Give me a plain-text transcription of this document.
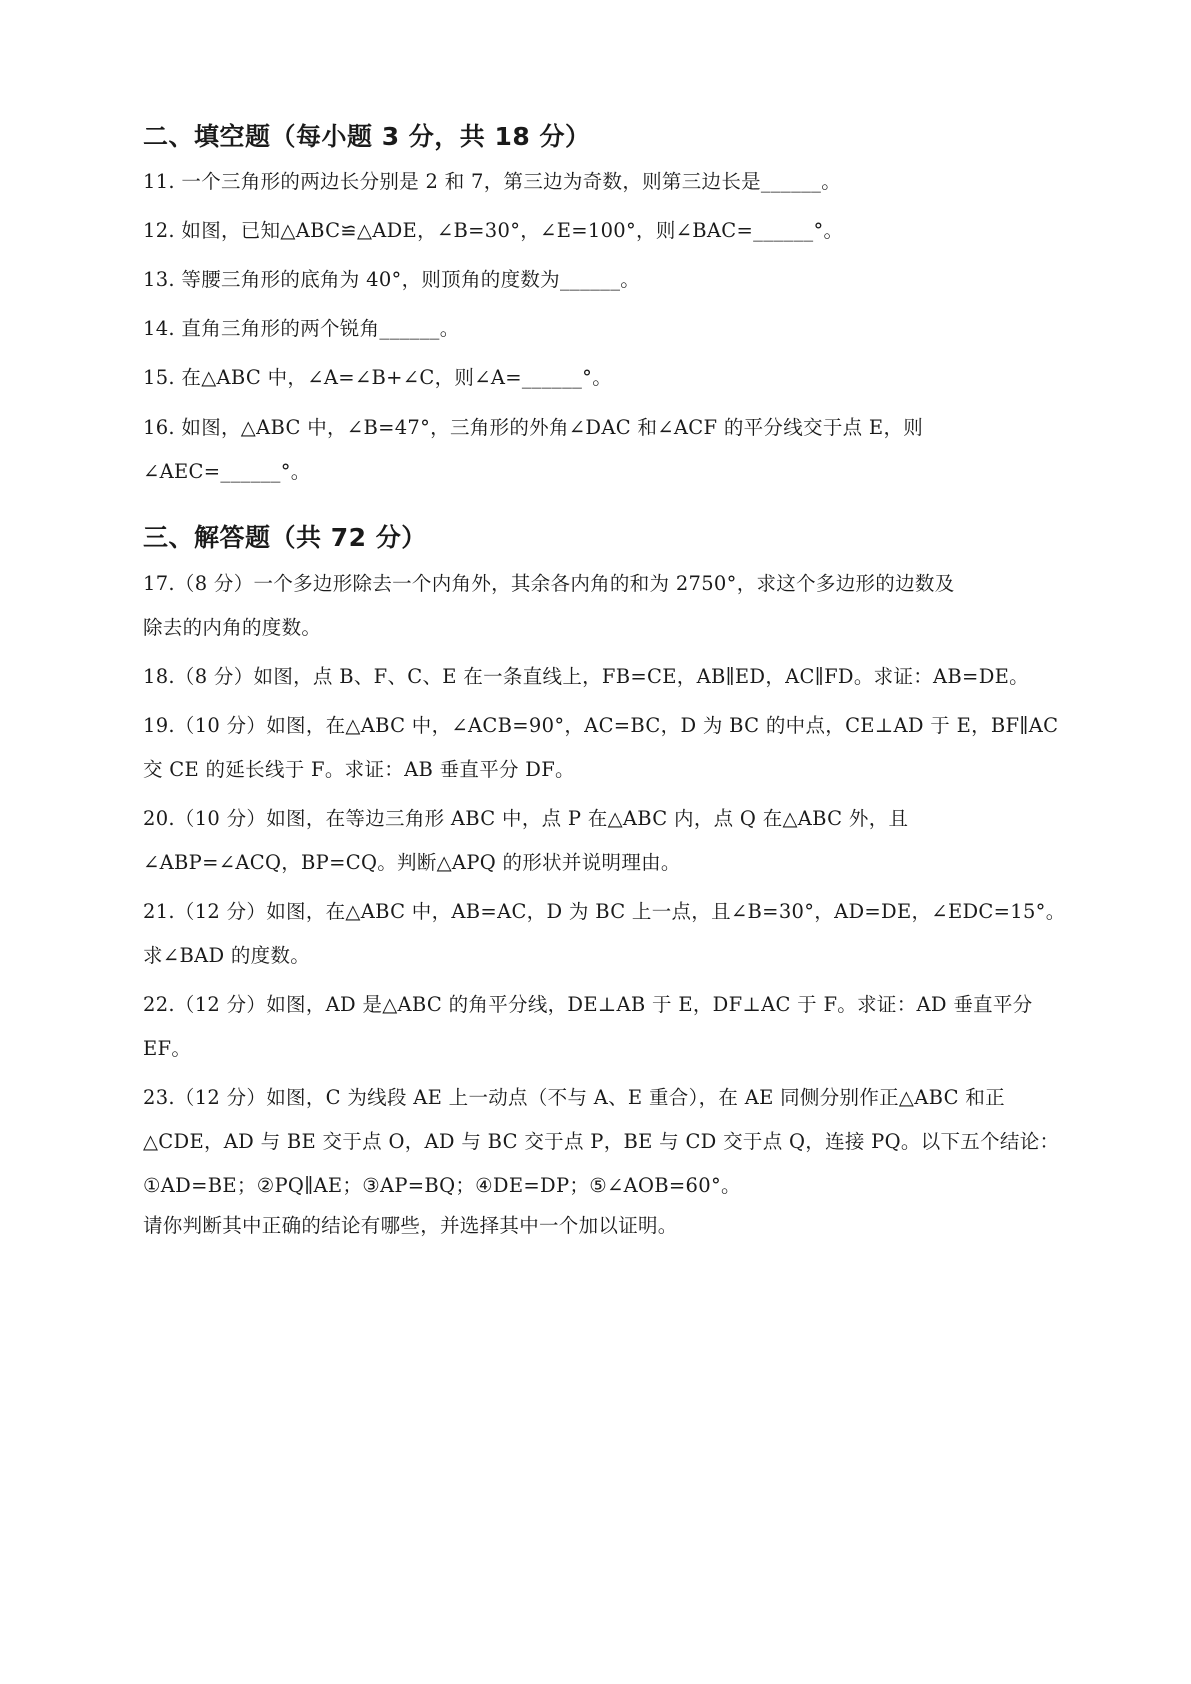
二、填空题（每小题 3 分，共 18 分）
11. 一个三角形的两边长分别是 2 和 7，第三边为奇数，则第三边长是______。
12. 如图，已知△ABC≌△ADE，∠B=30°，∠E=100°，则∠BAC=______°。
13. 等腰三角形的底角为 40°，则顶角的度数为______。
14. 直角三角形的两个锐角______。
15. 在△ABC 中，∠A=∠B+∠C，则∠A=______°。
16. 如图，△ABC 中，∠B=47°，三角形的外角∠DAC 和∠ACF 的平分线交于点 E，则
∠AEC=______°。
三、解答题（共 72 分）
17.（8 分）一个多边形除去一个内角外，其余各内角的和为 2750°，求这个多边形的边数及
除去的内角的度数。
18.（8 分）如图，点 B、F、C、E 在一条直线上，FB=CE，AB∥ED，AC∥FD。求证：AB=DE。
19.（10 分）如图，在△ABC 中，∠ACB=90°，AC=BC，D 为 BC 的中点，CE⊥AD 于 E，BF∥AC
交 CE 的延长线于 F。求证：AB 垂直平分 DF。
20.（10 分）如图，在等边三角形 ABC 中，点 P 在△ABC 内，点 Q 在△ABC 外，且
∠ABP=∠ACQ，BP=CQ。判断△APQ 的形状并说明理由。
21.（12 分）如图，在△ABC 中，AB=AC，D 为 BC 上一点，且∠B=30°，AD=DE，∠EDC=15°。
求∠BAD 的度数。
22.（12 分）如图，AD 是△ABC 的角平分线，DE⊥AB 于 E，DF⊥AC 于 F。求证：AD 垂直平分
EF。
23.（12 分）如图，C 为线段 AE 上一动点（不与 A、E 重合），在 AE 同侧分别作正△ABC 和正
△CDE，AD 与 BE 交于点 O，AD 与 BC 交于点 P，BE 与 CD 交于点 Q，连接 PQ。以下五个结论：
①AD=BE；②PQ∥AE；③AP=BQ；④DE=DP；⑤∠AOB=60°。
请你判断其中正确的结论有哪些，并选择其中一个加以证明。
